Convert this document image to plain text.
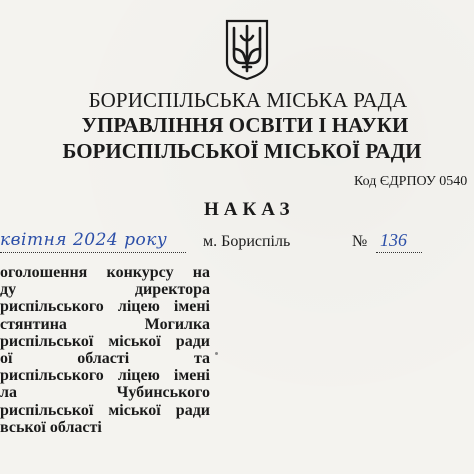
БОРИСПІЛЬСЬКА МІСЬКА РАДА
УПРАВЛІННЯ ОСВІТИ І НАУКИ
БОРИСПІЛЬСЬКОЇ МІСЬКОЇ РАДИ
Код ЄДРПОУ 0540
НАКАЗ
квітня 2024 року м. Бориспіль	№ 136
оголошення конкурсу на
ду директора
риспільського ліцею імені
стянтина Могилка
риспільської міської ради
ої області та
риспільського ліцею імені
ла Чубинського
риспільської міської ради
вської області
